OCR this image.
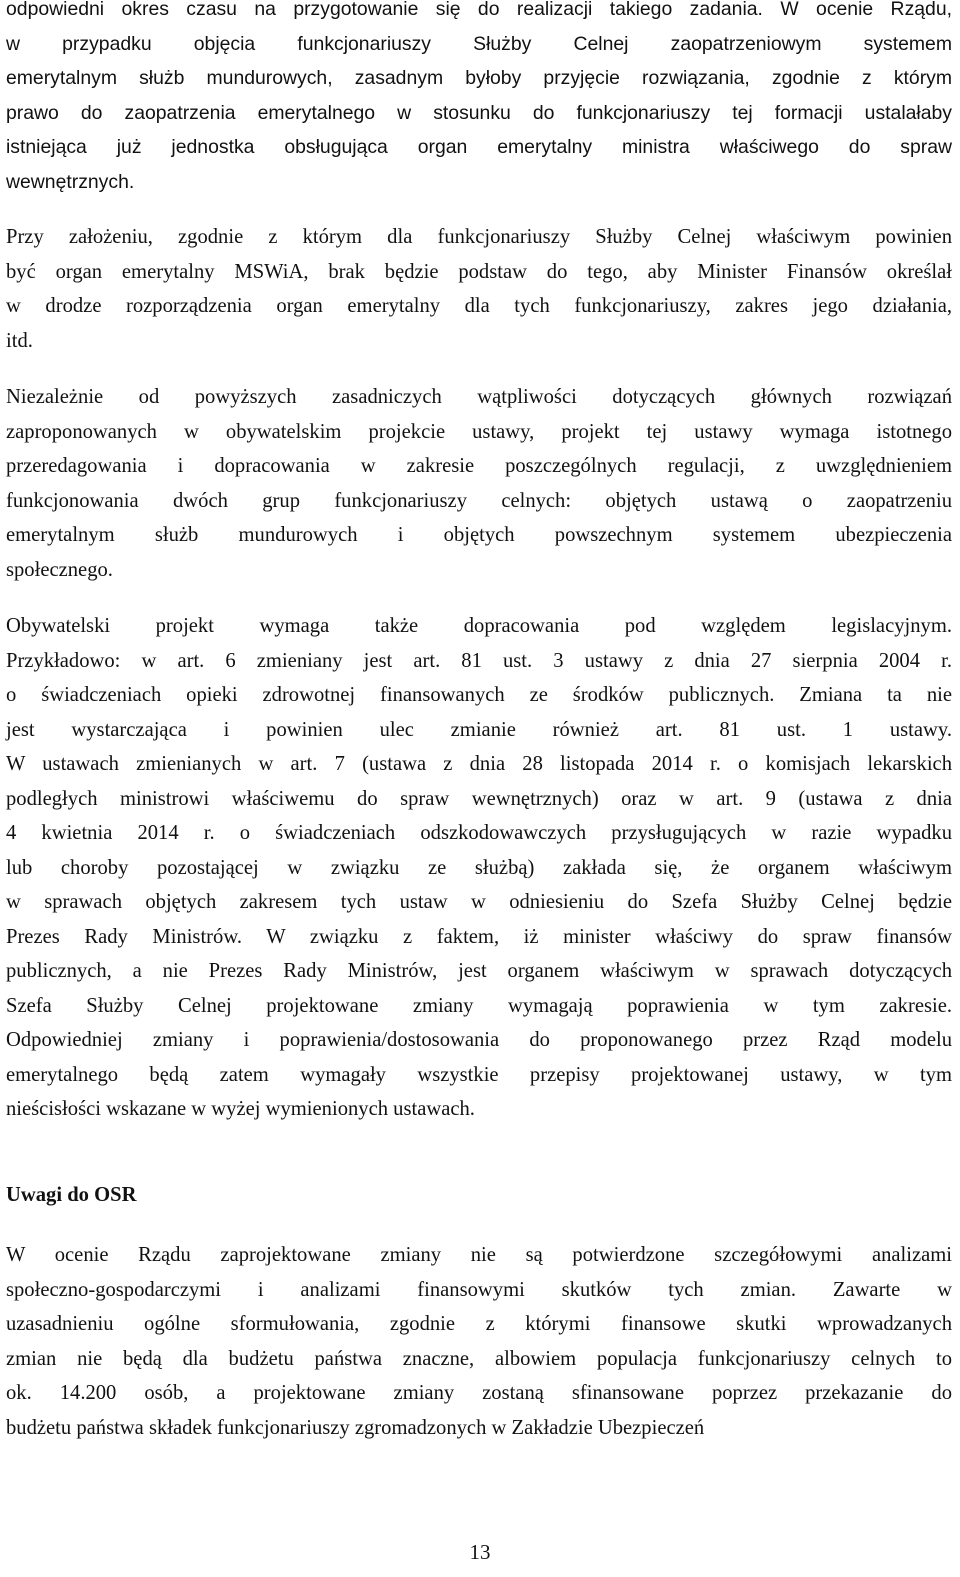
odpowiedni okres czasu na przygotowanie się do realizacji takiego zadania. W ocenie Rządu,
w przypadku objęcia funkcjonariuszy Służby Celnej zaopatrzeniowym systemem
emerytalnym służb mundurowych, zasadnym byłoby przyjęcie rozwiązania, zgodnie z którym
prawo do zaopatrzenia emerytalnego w stosunku do funkcjonariuszy tej formacji ustalałaby
istniejąca już jednostka obsługująca organ emerytalny ministra właściwego do spraw
wewnętrznych.
Przy założeniu, zgodnie z którym dla funkcjonariuszy Służby Celnej właściwym powinien
być organ emerytalny MSWiA, brak będzie podstaw do tego, aby Minister Finansów określał
w drodze rozporządzenia organ emerytalny dla tych funkcjonariuszy, zakres jego działania,
itd.
Niezależnie od powyższych zasadniczych wątpliwości dotyczących głównych rozwiązań
zaproponowanych w obywatelskim projekcie ustawy, projekt tej ustawy wymaga istotnego
przeredagowania i dopracowania w zakresie poszczególnych regulacji, z uwzględnieniem
funkcjonowania dwóch grup funkcjonariuszy celnych: objętych ustawą o zaopatrzeniu
emerytalnym służb mundurowych i objętych powszechnym systemem ubezpieczenia
społecznego.
Obywatelski projekt wymaga także dopracowania pod względem legislacyjnym.
Przykładowo: w art. 6 zmieniany jest art. 81 ust. 3 ustawy z dnia 27 sierpnia 2004 r.
o świadczeniach opieki zdrowotnej finansowanych ze środków publicznych. Zmiana ta nie
jest wystarczająca i powinien ulec zmianie również art. 81 ust. 1 ustawy.
W ustawach zmienianych w art. 7 (ustawa z dnia 28 listopada 2014 r. o komisjach lekarskich
podległych ministrowi właściwemu do spraw wewnętrznych) oraz w art. 9 (ustawa z dnia
4 kwietnia 2014 r. o świadczeniach odszkodowawczych przysługujących w razie wypadku
lub choroby pozostającej w związku ze służbą) zakłada się, że organem właściwym
w sprawach objętych zakresem tych ustaw w odniesieniu do Szefa Służby Celnej będzie
Prezes Rady Ministrów. W związku z faktem, iż minister właściwy do spraw finansów
publicznych, a nie Prezes Rady Ministrów, jest organem właściwym w sprawach dotyczących
Szefa Służby Celnej projektowane zmiany wymagają poprawienia w tym zakresie.
Odpowiedniej zmiany i poprawienia/dostosowania do proponowanego przez Rząd modelu
emerytalnego będą zatem wymagały wszystkie przepisy projektowanej ustawy, w tym
nieścisłości wskazane w wyżej wymienionych ustawach.
Uwagi do OSR
W ocenie Rządu zaprojektowane zmiany nie są potwierdzone szczegółowymi analizami
społeczno-gospodarczymi i analizami finansowymi skutków tych zmian. Zawarte w
uzasadnieniu ogólne sformułowania, zgodnie z którymi finansowe skutki wprowadzanych
zmian nie będą dla budżetu państwa znaczne, albowiem populacja funkcjonariuszy celnych to
ok. 14.200 osób, a projektowane zmiany zostaną sfinansowane poprzez przekazanie do
budżetu państwa składek funkcjonariuszy zgromadzonych w Zakładzie Ubezpieczeń
13
